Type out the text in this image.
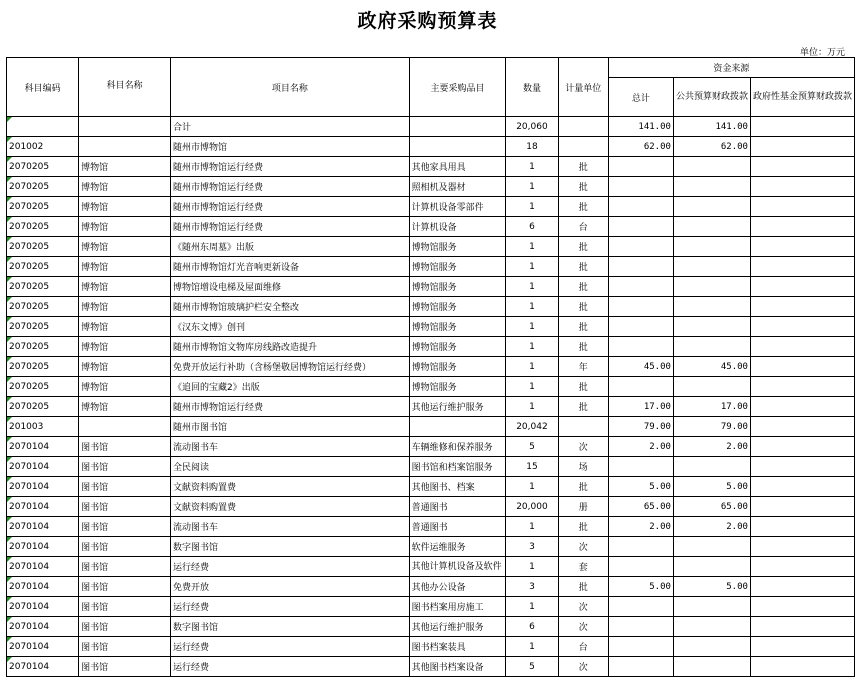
政府采购预算表
单位：万元
科目编码	科目名称	项目名称	主要采购品目	数量	计量单位	资金来源		
						总计	公共预算财政拨款	政府性基金预算财政拨款
		合计		20,060		141.00	141.00	
201002		随州市博物馆		18		62.00	62.00	
2070205	博物馆	随州市博物馆运行经费	其他家具用具	1	批			
2070205	博物馆	随州市博物馆运行经费	照相机及器材	1	批			
2070205	博物馆	随州市博物馆运行经费	计算机设备零部件	1	批			
2070205	博物馆	随州市博物馆运行经费	计算机设备	6	台			
2070205	博物馆	《随州东周墓》出版	博物馆服务	1	批			
2070205	博物馆	随州市博物馆灯光音响更新设备	博物馆服务	1	批			
2070205	博物馆	博物馆增设电梯及屋面维修	博物馆服务	1	批			
2070205	博物馆	随州市博物馆玻璃护栏安全整改	博物馆服务	1	批			
2070205	博物馆	《汉东文博》创刊	博物馆服务	1	批			
2070205	博物馆	随州市博物馆文物库房线路改造提升	博物馆服务	1	批			
2070205	博物馆	免费开放运行补助（含杨堡敬居博物馆运行经费）	博物馆服务	1	年	45.00	45.00	
2070205	博物馆	《追回的宝藏2》出版	博物馆服务	1	批			
2070205	博物馆	随州市博物馆运行经费	其他运行维护服务	1	批	17.00	17.00	
201003		随州市图书馆		20,042		79.00	79.00	
2070104	图书馆	流动图书车	车辆维修和保养服务	5	次	2.00	2.00	
2070104	图书馆	全民阅读	图书馆和档案馆服务	15	场			
2070104	图书馆	文献资料购置费	其他图书、档案	1	批	5.00	5.00	
2070104	图书馆	文献资料购置费	普通图书	20,000	册	65.00	65.00	
2070104	图书馆	流动图书车	普通图书	1	批	2.00	2.00	
2070104	图书馆	数字图书馆	软件运维服务	3	次			
2070104	图书馆	运行经费	其他计算机设备及软件	1	套			
2070104	图书馆	免费开放	其他办公设备	3	批	5.00	5.00	
2070104	图书馆	运行经费	图书档案用房施工	1	次			
2070104	图书馆	数字图书馆	其他运行维护服务	6	次			
2070104	图书馆	运行经费	图书档案装具	1	台			
2070104	图书馆	运行经费	其他图书档案设备	5	次			
